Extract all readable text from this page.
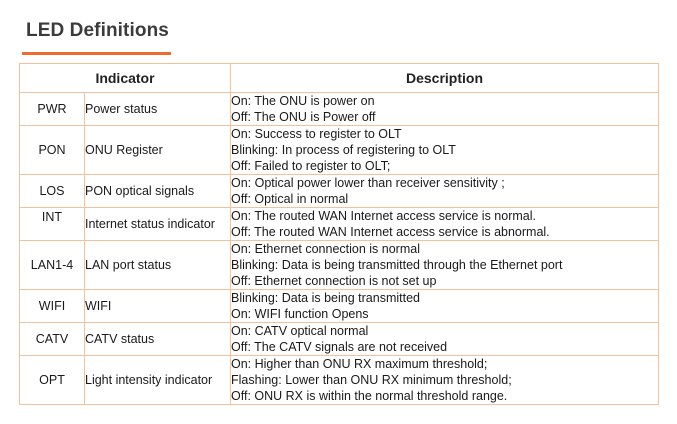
LED Definitions
Indicator		Description
PWR	Power status	On: The ONU is power on
Off: The ONU is Power off

PON	ONU Register	On: Success to register to OLT
Blinking: In process of registering to OLT
Off: Failed to register to OLT;

LOS	PON optical signals	On: Optical power lower than receiver sensitivity ;
Off: Optical in normal

INT	Internet status indicator	On: The routed WAN Internet access service is normal.
Off: The routed WAN Internet access service is abnormal.

LAN1-4	LAN port status	On: Ethernet connection is normal
Blinking: Data is being transmitted through the Ethernet port
Off: Ethernet connection is not set up

WIFI	WIFI	Blinking: Data is being transmitted
On: WIFI function Opens

CATV	CATV status	On: CATV optical normal
Off: The CATV signals are not received

OPT	Light intensity indicator	On: Higher than ONU RX maximum threshold;
Flashing: Lower than ONU RX minimum threshold;
Off: ONU RX is within the normal threshold range.
